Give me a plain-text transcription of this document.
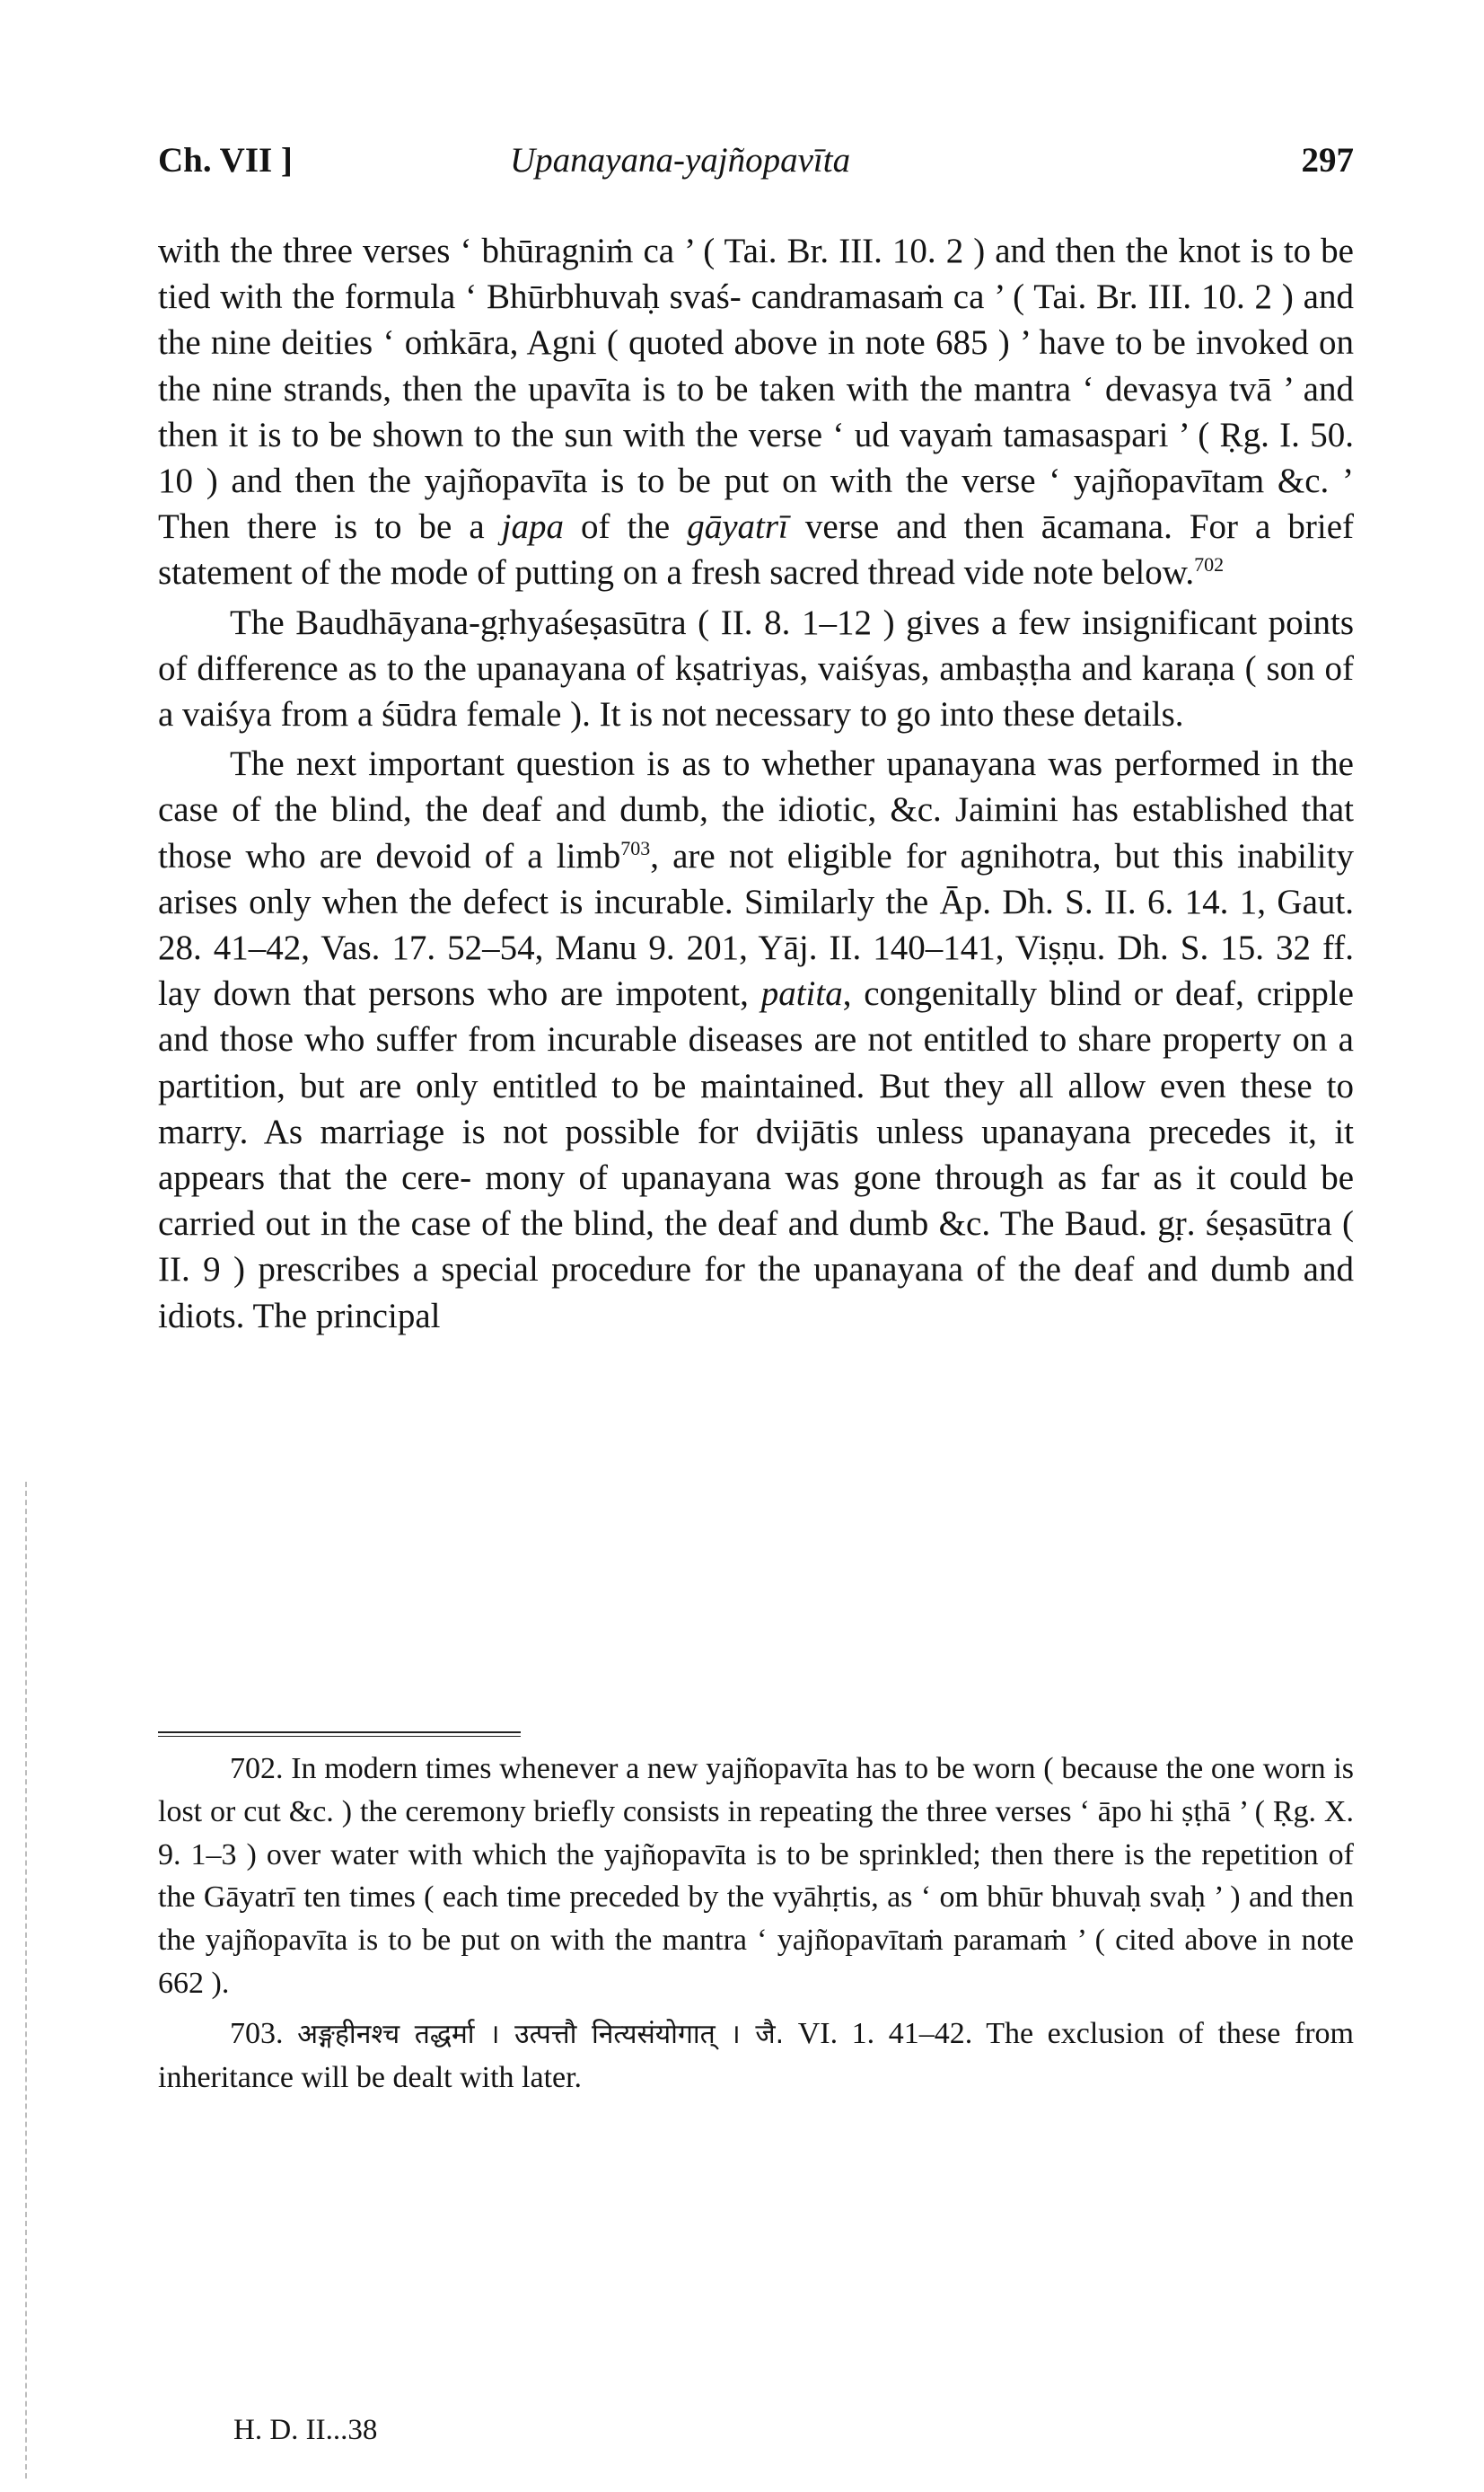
Ch. VII ]	Upanayana-yajñopavīta	297

with the three verses ‘ bhūragniṁ ca ’ ( Tai. Br. III. 10. 2 ) and then the knot is to be tied with the formula ‘ Bhūrbhuvaḥ svaś- candramasaṁ ca ’ ( Tai. Br. III. 10. 2 ) and the nine deities ‘ oṁkāra, Agni ( quoted above in note 685 ) ’ have to be invoked on the nine strands, then the upavīta is to be taken with the mantra ‘ devasya tvā ’ and then it is to be shown to the sun with the verse ‘ ud vayaṁ tamasaspari ’ ( Ṛg. I. 50. 10 ) and then the yajñopavīta is to be put on with the verse ‘ yajñopavītam &c. ’ Then there is to be a japa of the gāyatrī verse and then ācamana. For a brief statement of the mode of putting on a fresh sacred thread vide note below.$^{702}$

The Baudhāyana-gṛhyaśeṣasūtra ( II. 8. 1–12 ) gives a few insignificant points of difference as to the upanayana of kṣatriyas, vaiśyas, ambaṣṭha and karaṇa ( son of a vaiśya from a śūdra female ). It is not necessary to go into these details.

The next important question is as to whether upanayana was performed in the case of the blind, the deaf and dumb, the idiotic, &c. Jaimini has established that those who are devoid of a limb$^{703}$, are not eligible for agnihotra, but this inability arises only when the defect is incurable. Similarly the Āp. Dh. S. II. 6. 14. 1, Gaut. 28. 41–42, Vas. 17. 52–54, Manu 9. 201, Yāj. II. 140–141, Viṣṇu. Dh. S. 15. 32 ff. lay down that persons who are impotent, patita, congenitally blind or deaf, cripple and those who suffer from incurable diseases are not entitled to share property on a partition, but are only entitled to be maintained. But they all allow even these to marry. As marriage is not possible for dvijātis unless upanayana precedes it, it appears that the cere- mony of upanayana was gone through as far as it could be carried out in the case of the blind, the deaf and dumb &c. The Baud. gṛ. śeṣasūtra ( II. 9 ) prescribes a special procedure for the upanayana of the deaf and dumb and idiots. The principal

702. In modern times whenever a new yajñopavīta has to be worn ( because the one worn is lost or cut &c. ) the ceremony briefly consists in repeating the three verses ‘ āpo hi ṣṭhā ’ ( Ṛg. X. 9. 1–3 ) over water with which the yajñopavīta is to be sprinkled; then there is the repetition of the Gāyatrī ten times ( each time preceded by the vyāhṛtis, as ‘ om bhūr bhuvaḥ svaḥ ’ ) and then the yajñopavīta is to be put on with the mantra ‘ yajñopavītaṁ paramaṁ ’ ( cited above in note 662 ).

703. अङ्गहीनश्च तद्धर्मा । उत्पत्तौ नित्यसंयोगात् । जै. VI. 1. 41–42. The exclusion of these from inheritance will be dealt with later.

H. D. II...38
